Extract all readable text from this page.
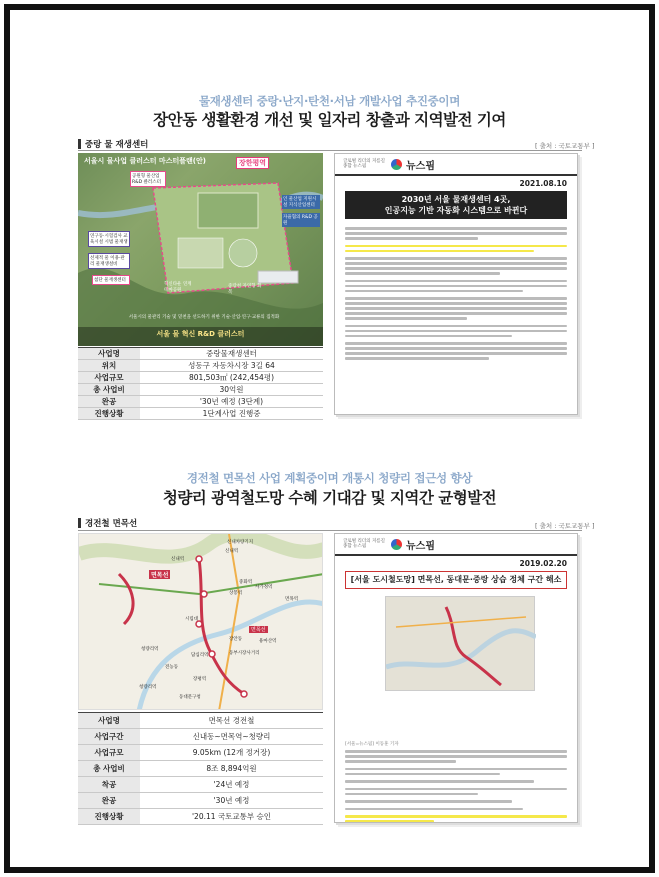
물재생센터 중랑·난지·탄천·서남 개발사업 추진중이며
장안동 생활환경 개선 및 일자리 창출과 지역발전 기여
중랑 물 재생센터	[ 출처 : 국토교통부 ]
서울시 물사업 클러스터 마스터플랜(안)	장한평역
인 물산업 지원시설 지식산업센터
공원형 물산업 R&D 클러스터
연구동·시험검사 교육시설 시범 물재생
선제적 물 이용·관리 물재생설비
첨단 물재생센터
중랑천 자연형 회복
혁신타운 연계 테마공원
자율협의 R&D 공원
서울시의 물관리 기술 및 밑천을 선도하기 위한 기술·산업·연구·교류의 집적화
서울 물 혁신 R&D 클러스터
사업명	중랑물재생센터
위치	성동구 자동차시장 3길 64
사업규모	801,503㎡ (242,454평)
총 사업비	30억원
완공	'30년 예정 (3단계)
진행상황	1단계사업 진행중
글로벌 리더의 지름길 종합 뉴스핌	뉴스핌
2021.08.10
2030년 서울 물재생센터 4곳,
인공지능 기반 자동화 시스템으로 바뀐다
경전철 면목선 사업 계획중이며 개통시 청량리 접근성 향상
청량리 광역철도망 수혜 기대감 및 지역간 균형발전
경전철 면목선	[ 출처 : 국토교통부 ]
면목선
신내차량기지
신내역
신내역
중화역
상봉역
면목역
면목선
사가정역
용마산역
시립대
청량리역
장안동
답십리역	동부시장사거리
전농동
장평역
청량리역
동대문구청
사업명	면목선 경전철
사업구간	신내동~면목역~청량리
사업규모	9.05km (12개 정거장)
총 사업비	8조 8,894억원
착공	'24년 예정
완공	'30년 예정
진행상황	'20.11 국토교통부 승인
글로벌 리더의 지름길 종합 뉴스핌	뉴스핌
2019.02.20
[서울 도시철도망] 면목선, 동대문·중랑 상습 정체 구간 해소
[서울=뉴스핌] 이동훈 기자
